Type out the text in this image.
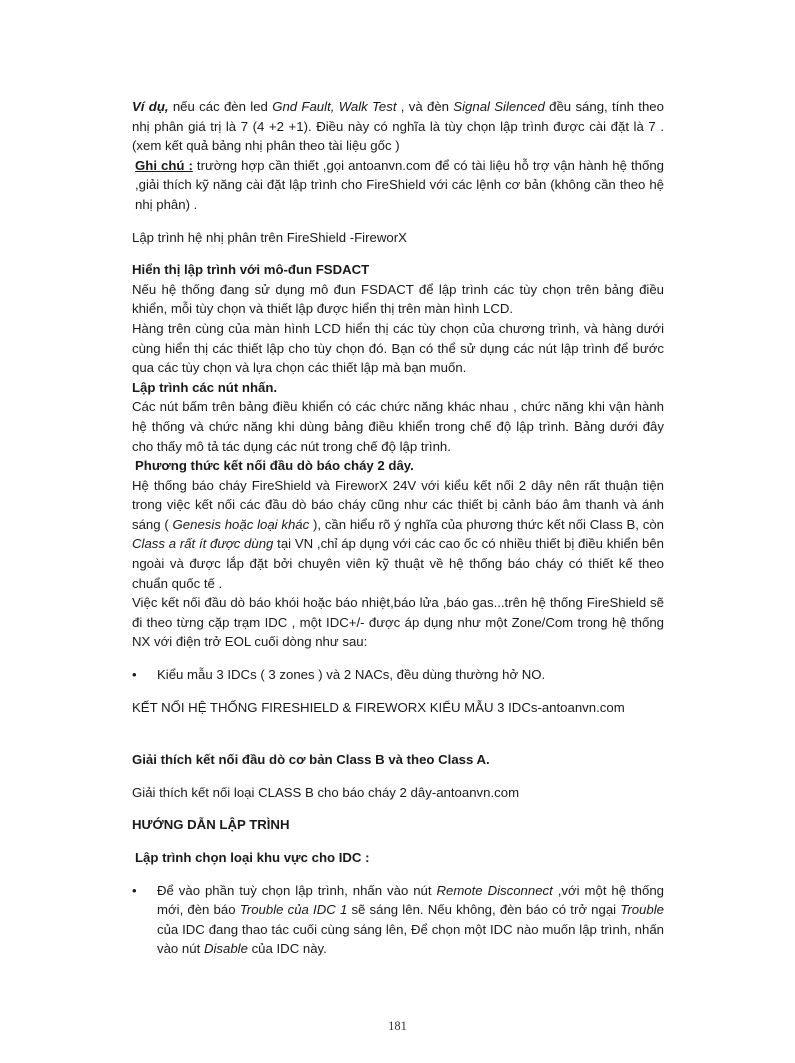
Ví dụ, nếu các đèn led Gnd Fault, Walk Test , và đèn Signal Silenced đều sáng, tính theo nhị phân giá trị là 7 (4 +2 +1). Điều này có nghĩa là tùy chọn lập trình được cài đặt là 7 . (xem kết quả bảng nhị phân theo tài liệu gốc )

Ghi chú : trường hợp cần thiết ,gọi antoanvn.com để có tài liệu hỗ trợ vận hành hệ thống ,giải thích kỹ năng cài đặt lập trình cho FireShield với các lệnh cơ bản (không cần theo hệ nhị phân) .

Lập trình hệ nhị phân trên FireShield -FireworX

Hiển thị lập trình với mô-đun FSDACT

Nếu hệ thống đang sử dụng mô đun FSDACT để lập trình các tùy chọn trên bảng điều khiển, mỗi tùy chọn và thiết lập được hiển thị trên màn hình LCD.

Hàng trên cùng của màn hình LCD hiển thị các tùy chọn của chương trình, và hàng dưới cùng hiển thị các thiết lập cho tùy chọn đó. Bạn có thể sử dụng các nút lập trình để bước qua các tùy chọn và lựa chọn các thiết lập mà bạn muốn.

Lập trình các nút nhấn.

Các nút bấm trên bảng điều khiển có các chức năng khác nhau , chức năng khi vận hành hệ thống và chức năng khi dùng bảng điều khiển trong chế độ lập trình. Bảng dưới đây cho thấy mô tả tác dụng các nút trong chế độ lập trình.

Phương thức kết nối đầu dò báo cháy 2 dây.

Hệ thống báo cháy FireShield và FireworX 24V với kiểu kết nối 2 dây nên rất thuận tiện trong việc kết nối các đầu dò báo cháy cũng như các thiết bị cảnh báo âm thanh và ánh sáng ( Genesis hoặc loại khác ), cần hiểu rõ ý nghĩa của phương thức kết nối Class B, còn Class a rất ít được dùng tại VN ,chỉ áp dụng với các cao ốc có nhiều thiết bị điều khiển bên ngoài và được lắp đặt bởi chuyên viên kỹ thuật về hệ thống báo cháy có thiết kế theo chuẩn quốc tế .

Việc kết nối đầu dò báo khói hoặc báo nhiệt,báo lửa ,báo gas...trên hệ thống FireShield sẽ đi theo từng cặp trạm IDC , một IDC+/- được áp dụng như một Zone/Com trong hệ thống NX với điện trở EOL cuối dòng như sau:

• Kiểu mẫu 3 IDCs ( 3 zones ) và 2 NACs, đều dùng thường hở NO.

KẾT NỐI HỆ THỐNG FIRESHIELD & FIREWORX KIỂU MẪU 3 IDCs-antoanvn.com

Giải thích kết nối đầu dò cơ bản Class B và theo Class A.

Giải thích kết nối loại CLASS B cho báo cháy 2 dây-antoanvn.com

HƯỚNG DẪN LẬP TRÌNH

Lập trình chọn loại khu vực cho IDC :

• Để vào phần tuỳ chọn lập trình, nhấn vào nút Remote Disconnect ,với một hệ thống mới, đèn báo Trouble của IDC 1 sẽ sáng lên. Nếu không, đèn báo có trở ngại Trouble của IDC đang thao tác cuối cùng sáng lên, Để chọn một IDC nào muốn lập trình, nhấn vào nút Disable của IDC này.

181
